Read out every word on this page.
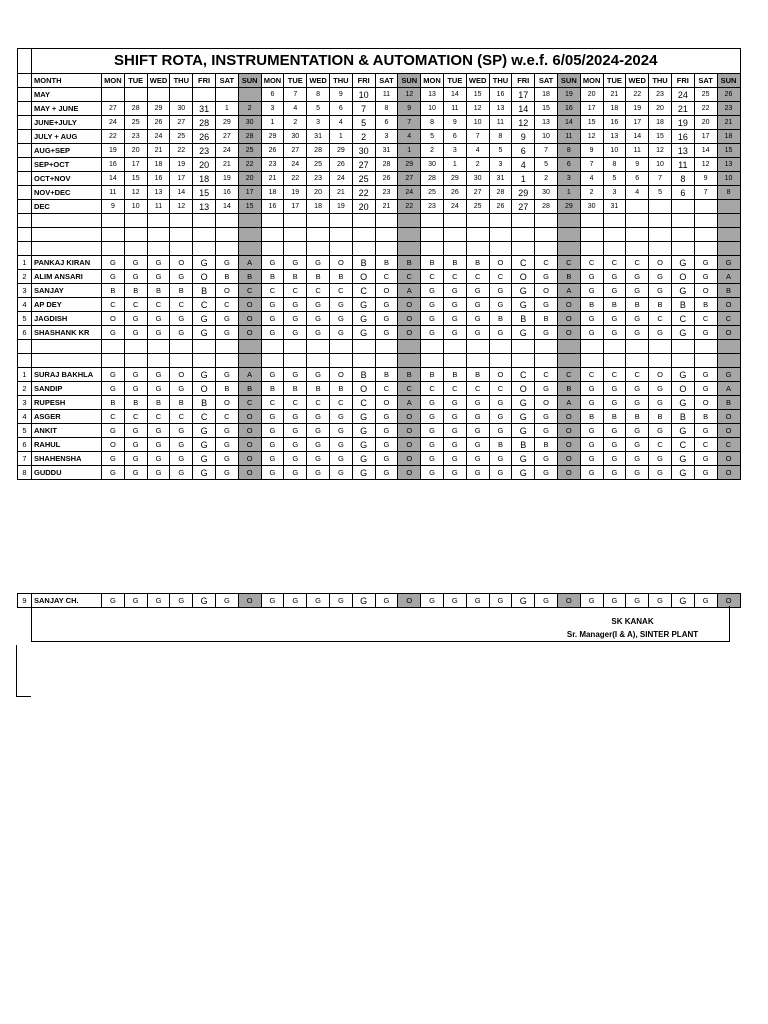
	SHIFT ROTA, INSTRUMENTATION & AUTOMATION (SP) w.e.f. 6/05/2024-2024																												
	MONTH	MON	TUE	WED	THU	FRI	SAT	SUN	MON	TUE	WED	THU	FRI	SAT	SUN	MON	TUE	WED	THU	FRI	SAT	SUN	MON	TUE	WED	THU	FRI	SAT	SUN
	MAY								6	7	8	9	10	11	12	13	14	15	16	17	18	19	20	21	22	23	24	25	26
	MAY + JUNE	27	28	29	30	31	1	2	3	4	5	6	7	8	9	10	11	12	13	14	15	16	17	18	19	20	21	22	23
	JUNE+JULY	24	25	26	27	28	29	30	1	2	3	4	5	6	7	8	9	10	11	12	13	14	15	16	17	18	19	20	21
	JULY + AUG	22	23	24	25	26	27	28	29	30	31	1	2	3	4	5	6	7	8	9	10	11	12	13	14	15	16	17	18
	AUG+SEP	19	20	21	22	23	24	25	26	27	28	29	30	31	1	2	3	4	5	6	7	8	9	10	11	12	13	14	15
	SEP+OCT	16	17	18	19	20	21	22	23	24	25	26	27	28	29	30	1	2	3	4	5	6	7	8	9	10	11	12	13
	OCT+NOV	14	15	16	17	18	19	20	21	22	23	24	25	26	27	28	29	30	31	1	2	3	4	5	6	7	8	9	10
	NOV+DEC	11	12	13	14	15	16	17	18	19	20	21	22	23	24	25	26	27	28	29	30	1	2	3	4	5	6	7	8
	DEC	9	10	11	12	13	14	15	16	17	18	19	20	21	22	23	24	25	26	27	28	29	30	31					

1	PANKAJ KIRAN	G	G	G	O	G	G	A	G	G	G	O	B	B	B	B	B	B	O	C	C	C	C	C	C	O	G	G	G
2	ALIM ANSARI	G	G	G	G	O	B	B	B	B	B	B	O	C	C	C	C	C	C	O	G	B	G	G	G	G	O	G	A
3	SANJAY	B	B	B	B	B	O	C	C	C	C	C	C	O	A	G	G	G	G	G	O	A	G	G	G	G	G	O	B
4	AP DEY	C	C	C	C	C	C	O	G	G	G	G	G	G	O	G	G	G	G	G	G	O	B	B	B	B	B	B	O
5	JAGDISH	O	G	G	G	G	G	O	G	G	G	G	G	G	O	G	G	G	B	B	B	O	G	G	G	C	C	C	C
6	SHASHANK KR	G	G	G	G	G	G	O	G	G	G	G	G	G	O	G	G	G	G	G	G	O	G	G	G	G	G	G	O

1	SURAJ BAKHLA	G	G	G	O	G	G	A	G	G	G	O	B	B	B	B	B	B	O	C	C	C	C	C	C	O	G	G	G
2	SANDIP	G	G	G	G	O	B	B	B	B	B	B	O	C	C	C	C	C	C	O	G	B	G	G	G	G	O	G	A
3	RUPESH	B	B	B	B	B	O	C	C	C	C	C	C	O	A	G	G	G	G	G	O	A	G	G	G	G	G	O	B
4	ASGER	C	C	C	C	C	C	O	G	G	G	G	G	G	O	G	G	G	G	G	G	O	B	B	B	B	B	B	O
5	ANKIT	G	G	G	G	G	G	O	G	G	G	G	G	G	O	G	G	G	G	G	G	O	G	G	G	G	G	G	O
6	RAHUL	O	G	G	G	G	G	O	G	G	G	G	G	G	O	G	G	G	B	B	B	O	G	G	G	C	C	C	C
7	SHAHENSHA	G	G	G	G	G	G	O	G	G	G	G	G	G	O	G	G	G	G	G	G	O	G	G	G	G	G	G	O
8	GUDDU	G	G	G	G	G	G	O	G	G	G	G	G	G	O	G	G	G	G	G	G	O	G	G	G	G	G	G	O

9	SANJAY CH.	G	G	G	G	G	G	O	G	G	G	G	G	G	O	G	G	G	G	G	G	O	G	G	G	G	G	G	O
SK KANAK
Sr. Manager(I & A), SINTER PLANT
